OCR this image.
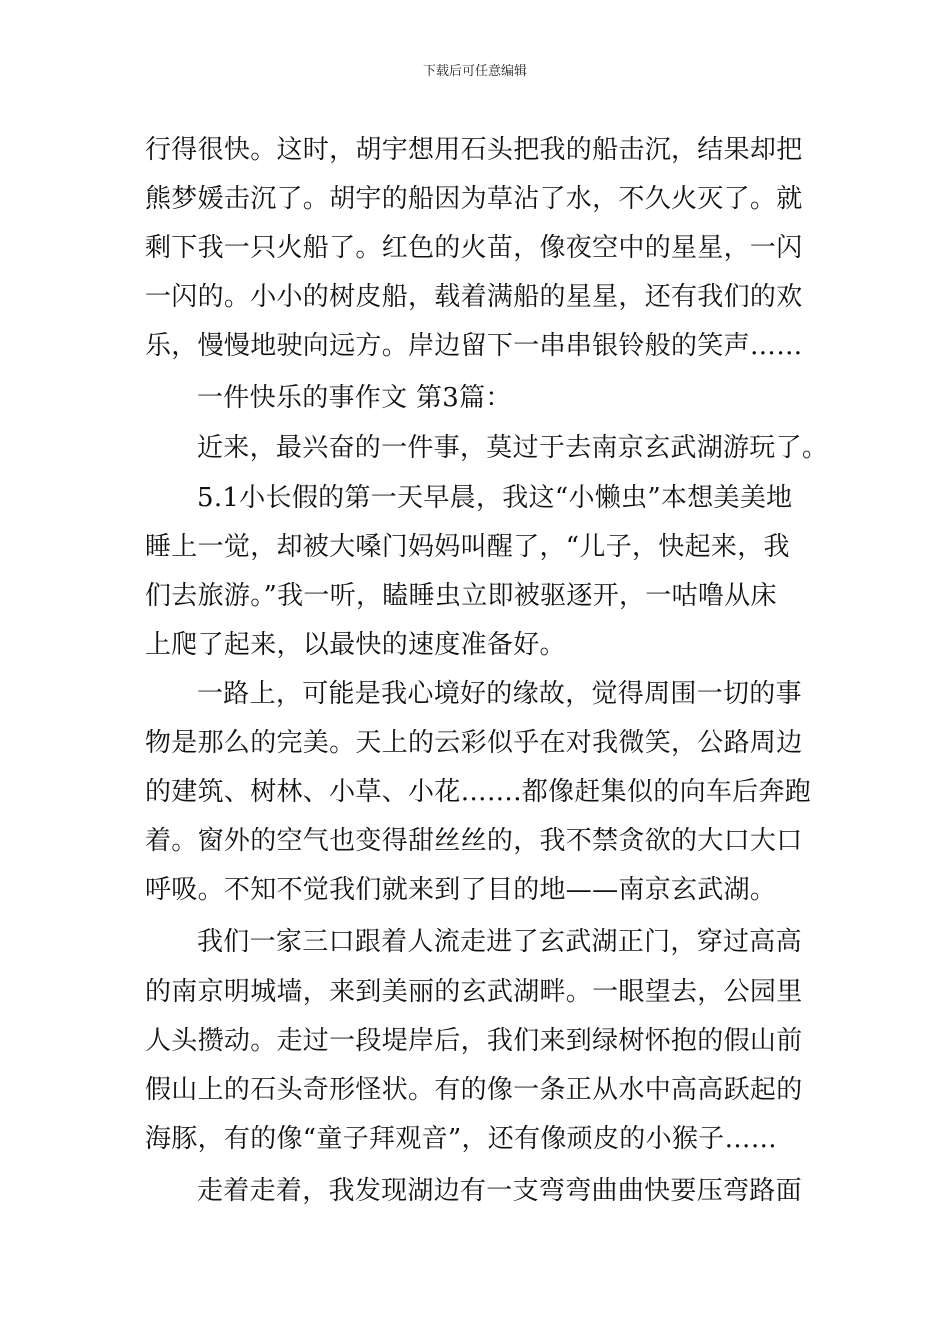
下载后可任意编辑
行得很快。这时，胡宇想用石头把我的船击沉，结果却把
熊梦媛击沉了。胡宇的船因为草沾了水，不久火灭了。就
剩下我一只火船了。红色的火苗，像夜空中的星星，一闪
一闪的。小小的树皮船，载着满船的星星，还有我们的欢
乐，慢慢地驶向远方。岸边留下一串串银铃般的笑声……
一件快乐的事作文 第3篇：
近来，最兴奋的一件事，莫过于去南京玄武湖游玩了。
5.1小长假的第一天早晨，我这“小懒虫”本想美美地
睡上一觉，却被大嗓门妈妈叫醒了，“儿子，快起来，我
们去旅游。”我一听，瞌睡虫立即被驱逐开，一咕噜从床
上爬了起来，以最快的速度准备好。
一路上，可能是我心境好的缘故，觉得周围一切的事
物是那么的完美。天上的云彩似乎在对我微笑，公路周边
的建筑、树林、小草、小花…….都像赶集似的向车后奔跑
着。窗外的空气也变得甜丝丝的，我不禁贪欲的大口大口
呼吸。不知不觉我们就来到了目的地——南京玄武湖。
我们一家三口跟着人流走进了玄武湖正门，穿过高高
的南京明城墙，来到美丽的玄武湖畔。一眼望去，公园里
人头攒动。走过一段堤岸后，我们来到绿树怀抱的假山前
假山上的石头奇形怪状。有的像一条正从水中高高跃起的
海豚，有的像“童子拜观音”，还有像顽皮的小猴子……
走着走着，我发现湖边有一支弯弯曲曲快要压弯路面
